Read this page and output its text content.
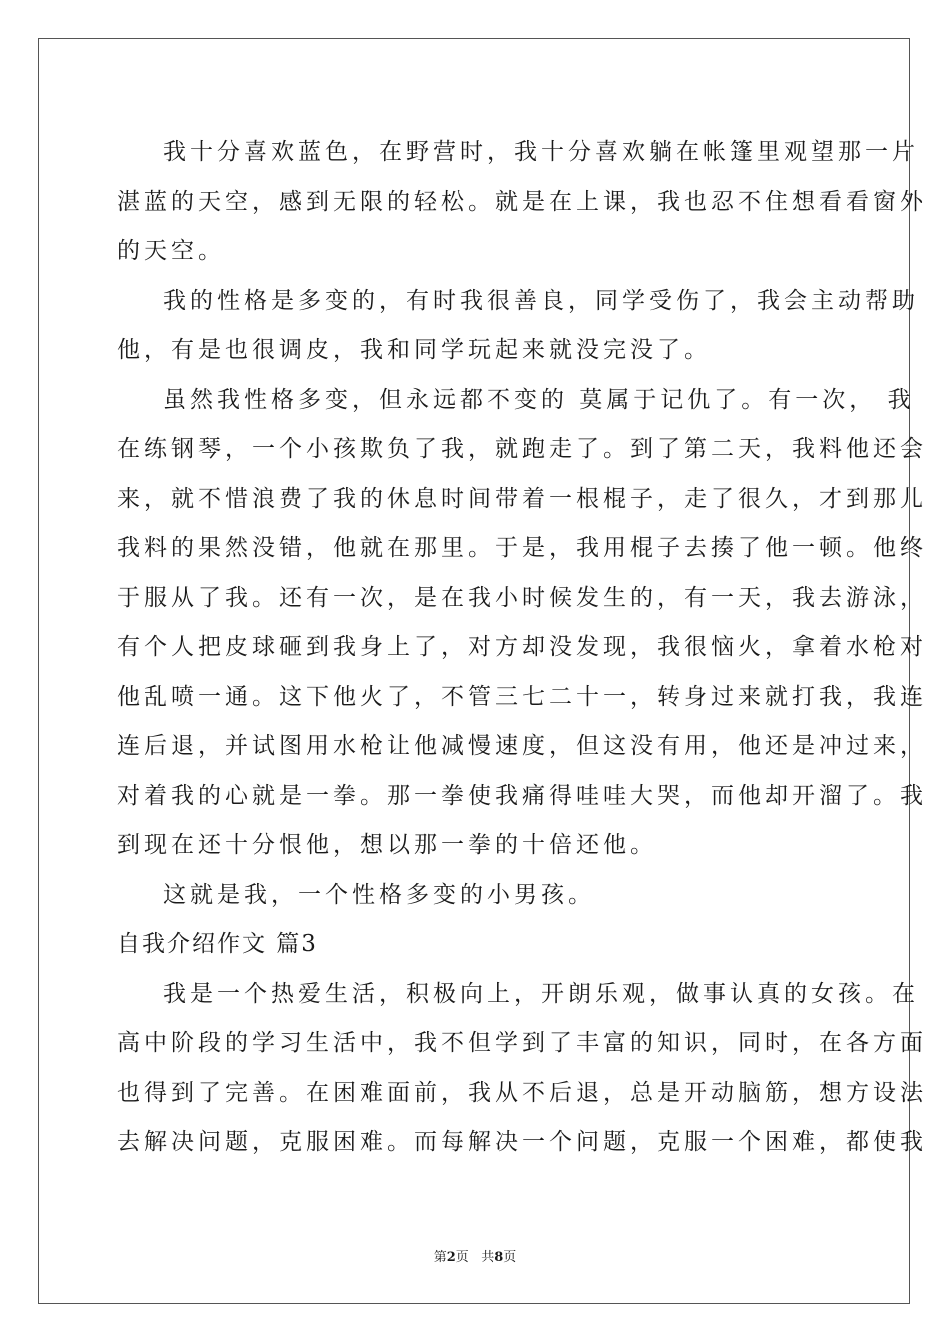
我十分喜欢蓝色，在野营时，我十分喜欢躺在帐篷里观望那一片
湛蓝的天空，感到无限的轻松。就是在上课，我也忍不住想看看窗外
的天空。
我的性格是多变的，有时我很善良，同学受伤了，我会主动帮助
他，有是也很调皮，我和同学玩起来就没完没了。
虽然我性格多变，但永远都不变的 莫属于记仇了。有一次， 我
在练钢琴，一个小孩欺负了我，就跑走了。到了第二天，我料他还会
来，就不惜浪费了我的休息时间带着一根棍子，走了很久，才到那儿
我料的果然没错，他就在那里。于是，我用棍子去揍了他一顿。他终
于服从了我。还有一次，是在我小时候发生的，有一天，我去游泳，
有个人把皮球砸到我身上了，对方却没发现，我很恼火，拿着水枪对
他乱喷一通。这下他火了，不管三七二十一，转身过来就打我，我连
连后退，并试图用水枪让他减慢速度，但这没有用，他还是冲过来，
对着我的心就是一拳。那一拳使我痛得哇哇大哭，而他却开溜了。我
到现在还十分恨他，想以那一拳的十倍还他。
这就是我，一个性格多变的小男孩。
自我介绍作文 篇3
我是一个热爱生活，积极向上，开朗乐观，做事认真的女孩。在
高中阶段的学习生活中，我不但学到了丰富的知识，同时，在各方面
也得到了完善。在困难面前，我从不后退，总是开动脑筋，想方设法
去解决问题，克服困难。而每解决一个问题，克服一个困难，都使我
第2页 共8页
